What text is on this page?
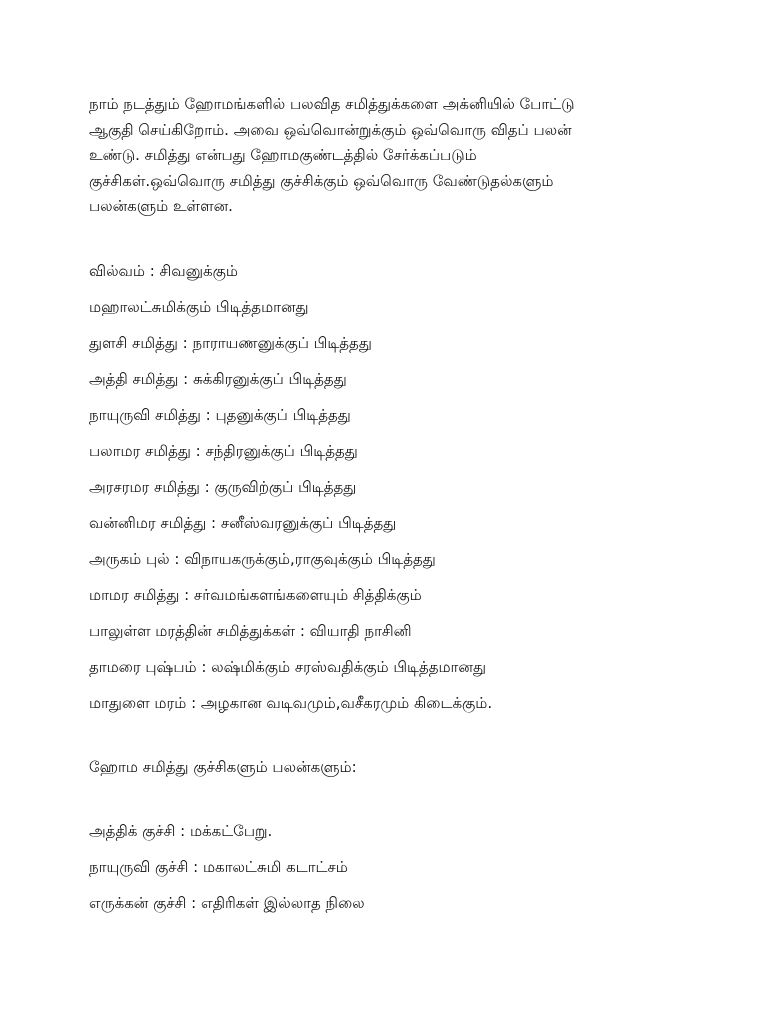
நாம் நடத்தும் ஹோமங்களில் பலவித சமித்துக்களை அக்னியில் போட்டு
ஆகுதி செய்கிறோம். அவை ஒவ்வொன்றுக்கும் ஒவ்வொரு விதப் பலன்
உண்டு. சமித்து என்பது ஹோமகுண்டத்தில் சேர்க்கப்படும்
குச்சிகள்.ஒவ்வொரு சமித்து குச்சிக்கும் ஒவ்வொரு வேண்டுதல்களும்
பலன்களும் உள்ளன.
வில்வம் : சிவனுக்கும்
மஹாலட்சுமிக்கும் பிடித்தமானது
துளசி சமித்து : நாராயணனுக்குப் பிடித்தது
அத்தி சமித்து : சுக்கிரனுக்குப் பிடித்தது
நாயுருவி சமித்து : புதனுக்குப் பிடித்தது
பலாமர சமித்து : சந்திரனுக்குப் பிடித்தது
அரசரமர சமித்து : குருவிற்குப் பிடித்தது
வன்னிமர சமித்து : சனீஸ்வரனுக்குப் பிடித்தது
அருகம் புல் : விநாயகருக்கும்,ராகுவுக்கும் பிடித்தது
மாமர சமித்து : சர்வமங்களங்களையும் சித்திக்கும்
பாலுள்ள மரத்தின் சமித்துக்கள் : வியாதி நாசினி
தாமரை புஷ்பம் : லஷ்மிக்கும் சரஸ்வதிக்கும் பிடித்தமானது
மாதுளை மரம் : அழகான வடிவமும்,வசீகரமும் கிடைக்கும்.
ஹோம சமித்து குச்சிகளும் பலன்களும்:
அத்திக் குச்சி : மக்கட்பேறு.
நாயுருவி குச்சி : மகாலட்சுமி கடாட்சம்
எருக்கன் குச்சி : எதிரிகள் இல்லாத நிலை
